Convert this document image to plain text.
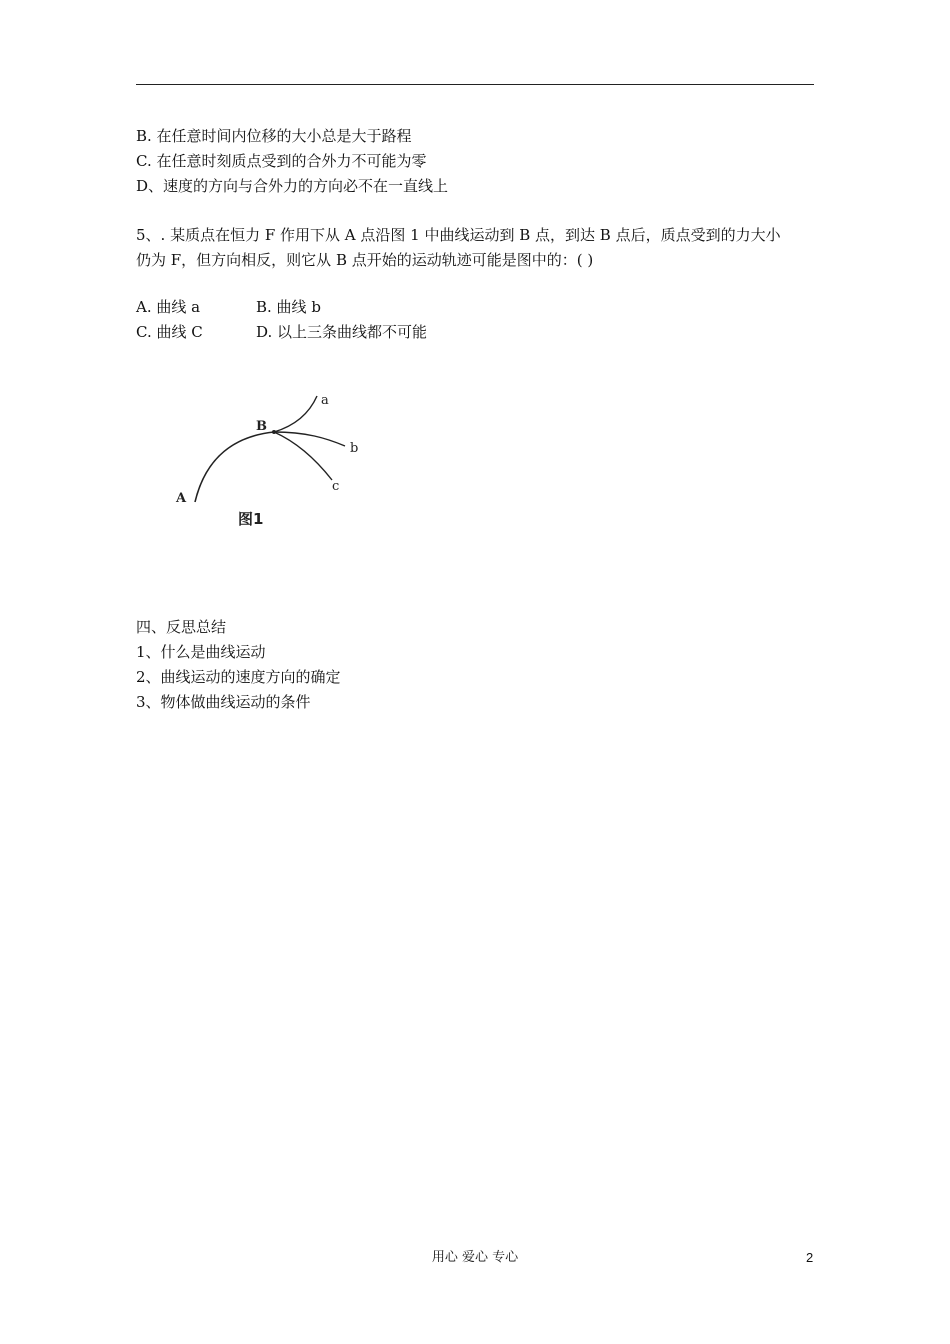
B. 在任意时间内位移的大小总是大于路程
C. 在任意时刻质点受到的合外力不可能为零
D、速度的方向与合外力的方向必不在一直线上
5、. 某质点在恒力 F 作用下从 A 点沿图 1 中曲线运动到 B 点，到达 B 点后，质点受到的力大小
仍为 F，但方向相反，则它从 B 点开始的运动轨迹可能是图中的：( )
A. 曲线 a	B. 曲线 b
C. 曲线 C	D. 以上三条曲线都不可能
a
b
c
A
B
图1
四、反思总结
1、什么是曲线运动
2、曲线运动的速度方向的确定
3、物体做曲线运动的条件
用心 爱心 专心	2
